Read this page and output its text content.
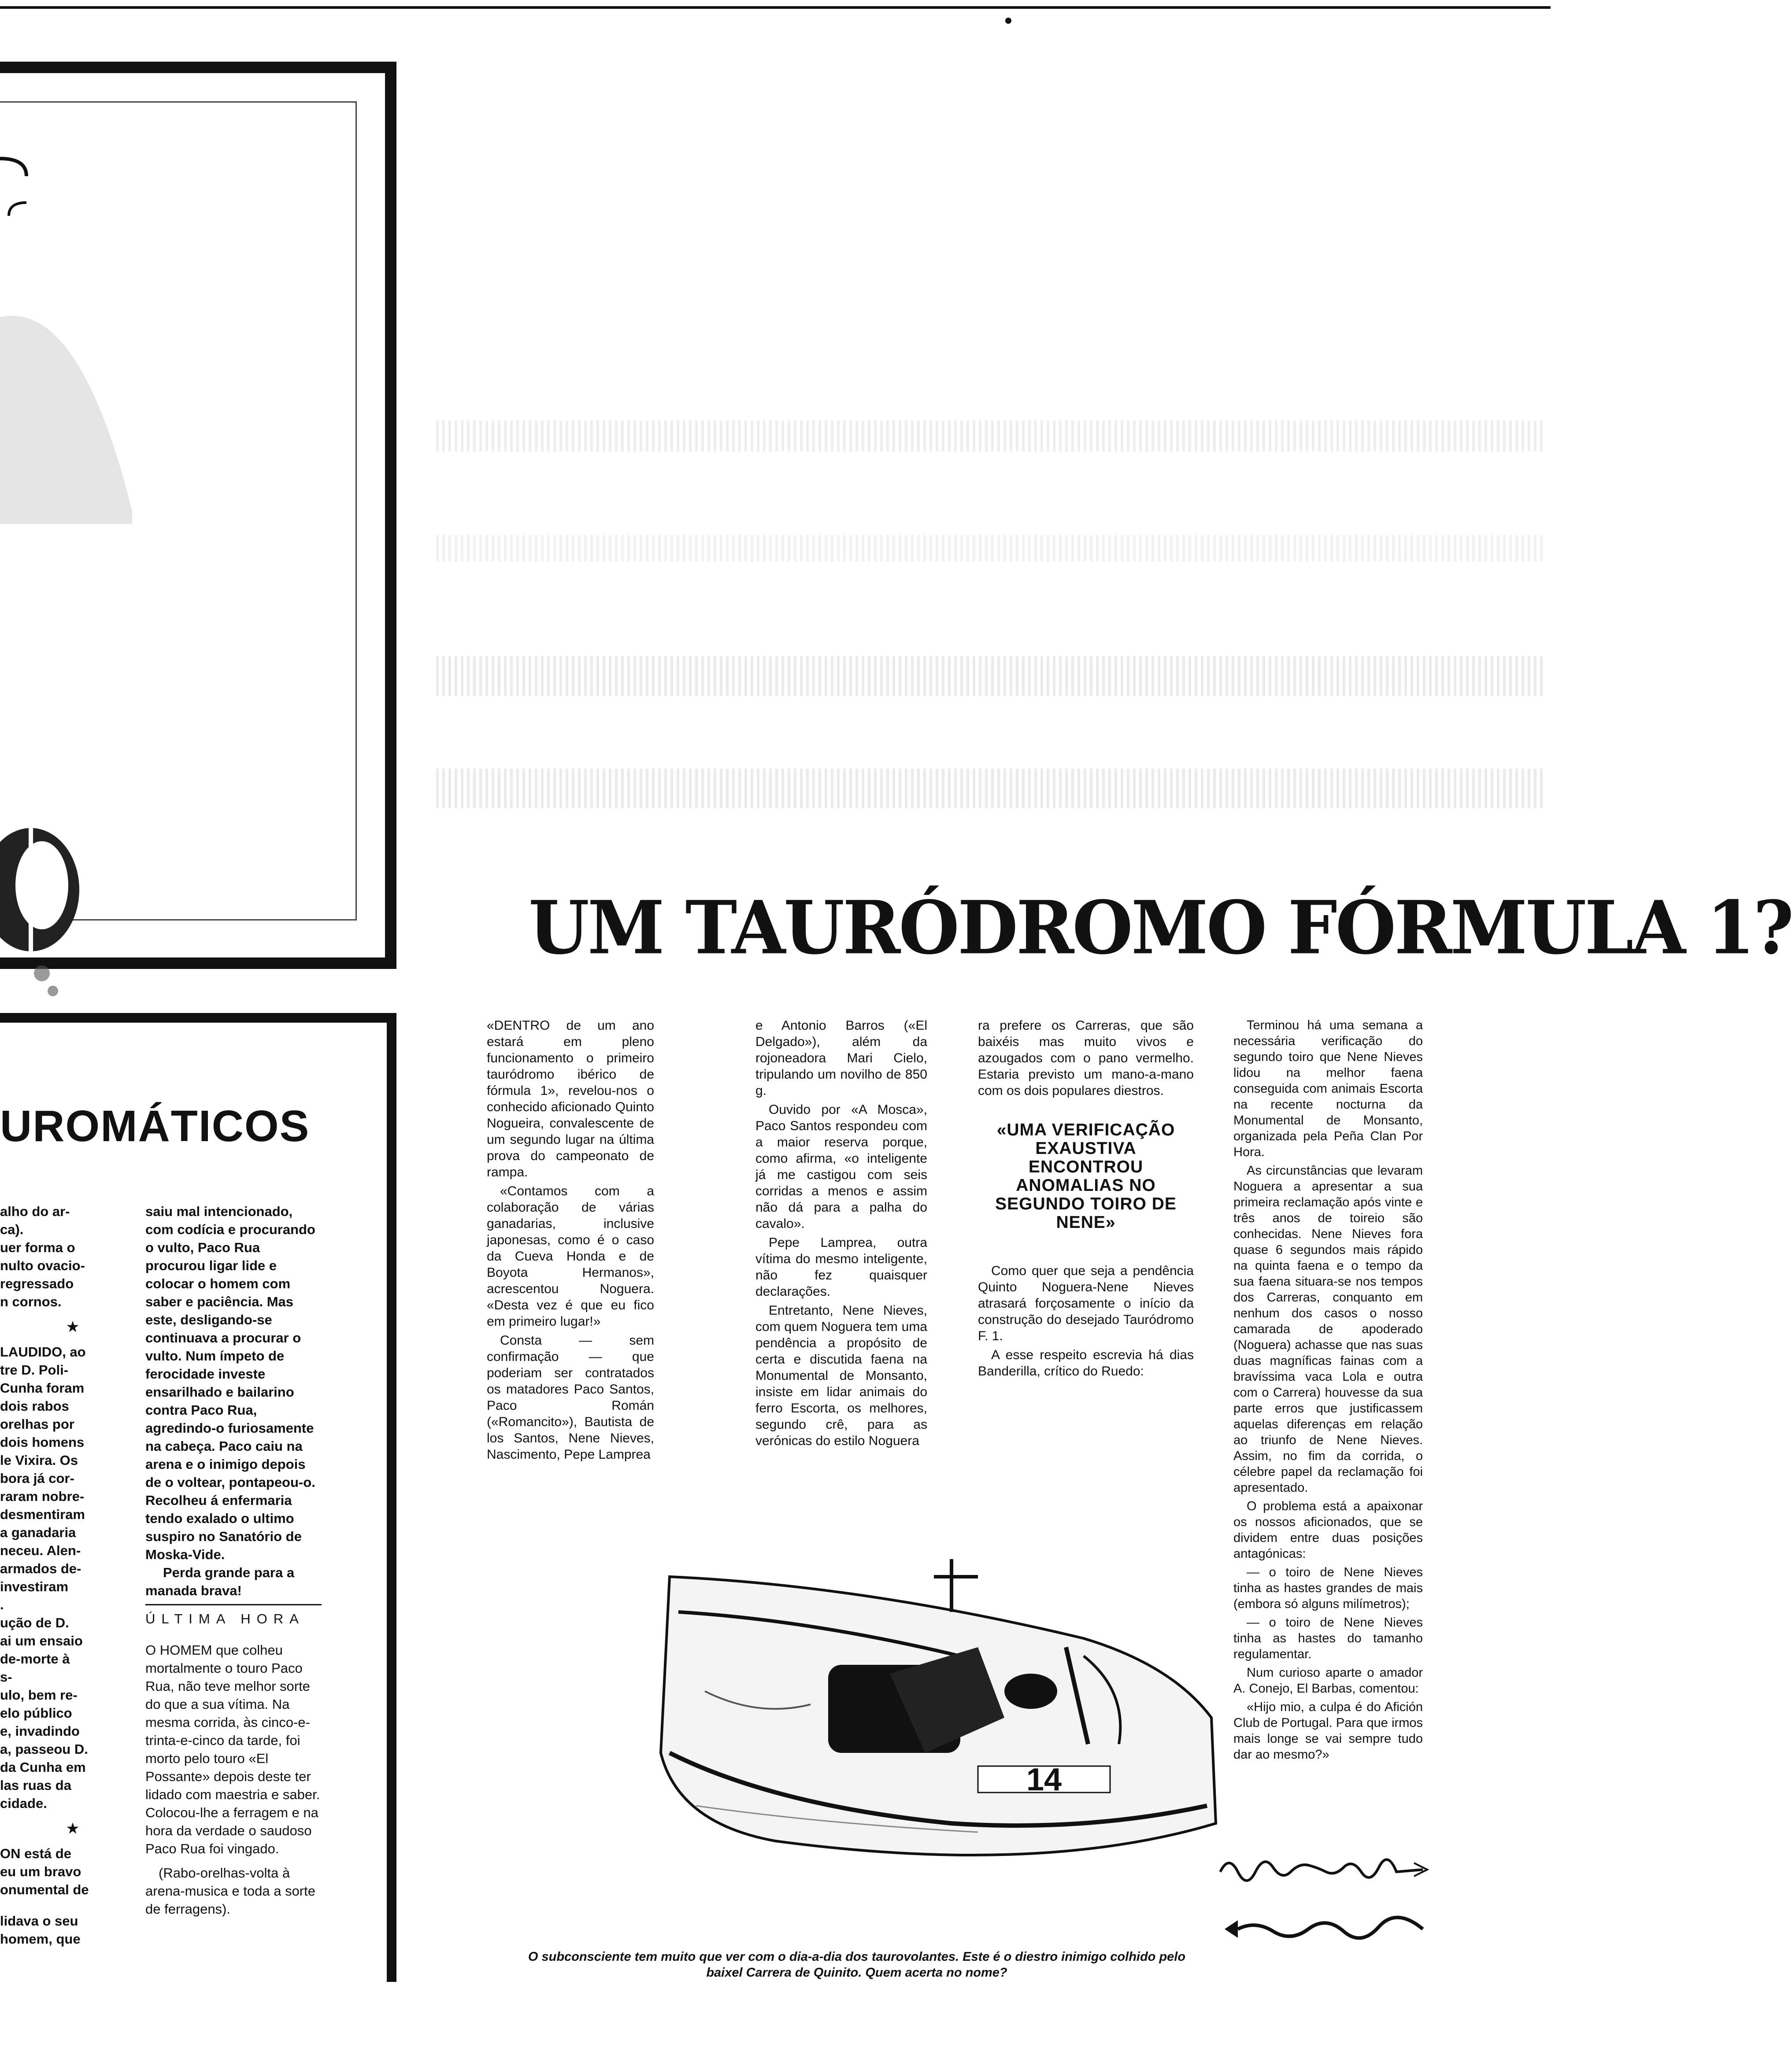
UROMÁTICOS
alho do ar-
ca).
uer forma o
nulto ovacio-
regressado
n cornos.
★
LAUDIDO, ao
tre D. Poli-
Cunha foram
dois rabos
orelhas por
dois homens
le Vixira. Os
bora já cor-
raram nobre-
desmentiram
a ganadaria
neceu. Alen-
armados de-
investiram
.
ução de D.
ai um ensaio
de-morte à
s-
ulo, bem re-
elo público
e, invadindo
a, passeou D.
da Cunha em
las ruas da
cidade.
★
ON está de
eu um bravo
onumental de
lidava o seu
homem, que
saiu mal intencionado, com codícia e procurando o vulto, Paco Rua procurou ligar lide e colocar o homem com saber e paciência. Mas este, desligando-se continuava a procurar o vulto. Num ímpeto de ferocidade investe ensarilhado e bailarino contra Paco Rua, agredindo-o furiosamente na cabeça. Paco caiu na arena e o inimigo depois de o voltear, pontapeou-o. Recolheu á enfermaria tendo exalado o ultimo suspiro no Sanatório de Moska-Vide.
Perda grande para a manada brava!
ÚLTIMA HORA
O HOMEM que colheu mortalmente o touro Paco Rua, não teve melhor sorte do que a sua vítima. Na mesma corrida, às cinco-e-trinta-e-cinco da tarde, foi morto pelo touro «El Possante» depois deste ter lidado com maestria e saber. Colocou-lhe a ferragem e na hora da verdade o saudoso Paco Rua foi vingado.
(Rabo-orelhas-volta à arena-musica e toda a sorte de ferragens).
UM TAURÓDROMO FÓRMULA 1?

«DENTRO de um ano estará em pleno funcionamento o primeiro tauródromo ibérico de fórmula 1», revelou-nos o conhecido aficionado Quinto Nogueira, convalescente de um segundo lugar na última prova do campeonato de rampa.

«Contamos com a colaboração de várias ganadarias, inclusive japonesas, como é o caso da Cueva Honda e de Boyota Hermanos», acrescentou Noguera. «Desta vez é que eu fico em primeiro lugar!»

Consta — sem confirmação — que poderiam ser contratados os matadores Paco Santos, Paco Román («Romancito»), Bautista de los Santos, Nene Nieves, Nascimento, Pepe Lamprea

e Antonio Barros («El Delgado»), além da rojoneadora Mari Cielo, tripulando um novilho de 850 g.

Ouvido por «A Mosca», Paco Santos respondeu com a maior reserva porque, como afirma, «o inteligente já me castigou com seis corridas a menos e assim não dá para a palha do cavalo».

Pepe Lamprea, outra vítima do mesmo inteligente, não fez quaisquer declarações.

Entretanto, Nene Nieves, com quem Noguera tem uma pendência a propósito de certa e discutida faena na Monumental de Monsanto, insiste em lidar animais do ferro Escorta, os melhores, segundo crê, para as verónicas do estilo Noguera

ra prefere os Carreras, que são baixéis mas muito vivos e azougados com o pano vermelho. Estaria previsto um mano-a-mano com os dois populares diestros.

«UMA VERIFICAÇÃO EXAUSTIVA ENCONTROU ANOMALIAS NO SEGUNDO TOIRO DE NENE»

Como quer que seja a pendência Quinto Noguera-Nene Nieves atrasará forçosamente o início da construção do desejado Tauródromo F. 1.

A esse respeito escrevia há dias Banderilla, crítico do Ruedo:

Terminou há uma semana a necessária verificação do segundo toiro que Nene Nieves lidou na melhor faena conseguida com animais Escorta na recente nocturna da Monumental de Monsanto, organizada pela Peña Clan Por Hora.

As circunstâncias que levaram Noguera a apresentar a sua primeira reclamação após vinte e três anos de toireio são conhecidas. Nene Nieves fora quase 6 segundos mais rápido na quinta faena e o tempo da sua faena situara-se nos tempos dos Carreras, conquanto em nenhum dos casos o nosso camarada de apoderado (Noguera) achasse que nas suas duas magníficas fainas com a bravíssima vaca Lola e outra com o Carrera) houvesse da sua parte erros que justificassem aquelas diferenças em relação ao triunfo de Nene Nieves. Assim, no fim da corrida, o célebre papel da reclamação foi apresentado.

O problema está a apaixonar os nossos aficionados, que se dividem entre duas posições antagónicas:

— o toiro de Nene Nieves tinha as hastes grandes de mais (embora só alguns milímetros);

— o toiro de Nene Nieves tinha as hastes do tamanho regulamentar.

Num curioso aparte o amador A. Conejo, El Barbas, comentou:

«Hijo mio, a culpa é do Afición Club de Portugal. Para que irmos mais longe se vai sempre tudo dar ao mesmo?»

14
O subconsciente tem muito que ver com o dia-a-dia dos taurovolantes. Este é o diestro inimigo colhido pelo baixel Carrera de Quinito. Quem acerta no nome?
